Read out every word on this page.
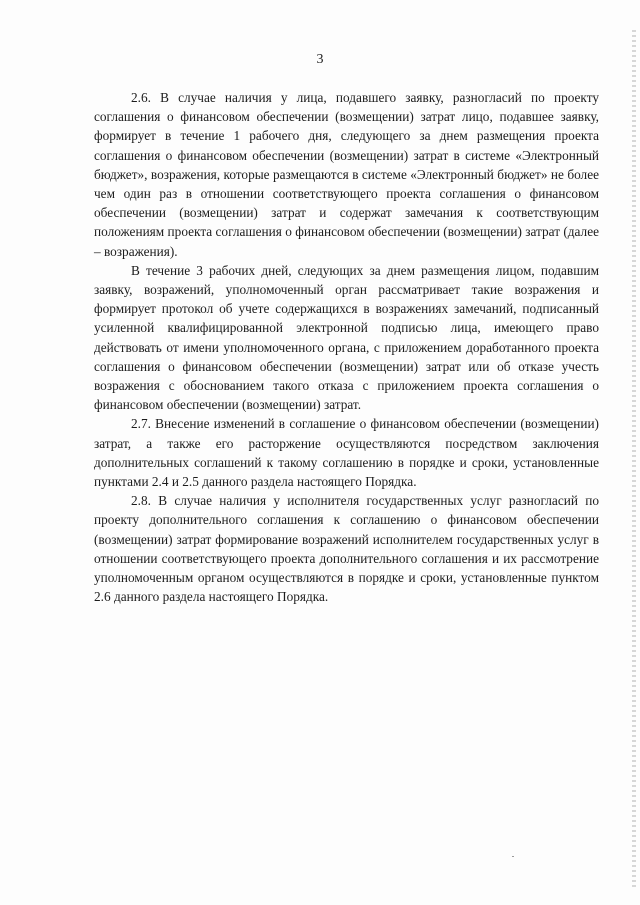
3

2.6. В случае наличия у лица, подавшего заявку, разногласий по проекту соглашения о финансовом обеспечении (возмещении) затрат лицо, подавшее заявку, формирует в течение 1 рабочего дня, следующего за днем размещения проекта соглашения о финансовом обеспечении (возмещении) затрат в системе «Электронный бюджет», возражения, которые размещаются в системе «Электронный бюджет» не более чем один раз в отношении соответствующего проекта соглашения о финансовом обеспечении (возмещении) затрат и содержат замечания к соответствующим положениям проекта соглашения о финансовом обеспечении (возмещении) затрат (далее – возражения).

В течение 3 рабочих дней, следующих за днем размещения лицом, подавшим заявку, возражений, уполномоченный орган рассматривает такие возражения и формирует протокол об учете содержащихся в возражениях замечаний, подписанный усиленной квалифицированной электронной подписью лица, имеющего право действовать от имени уполномоченного органа, с приложением доработанного проекта соглашения о финансовом обеспечении (возмещении) затрат или об отказе учесть возражения с обоснованием такого отказа с приложением проекта соглашения о финансовом обеспечении (возмещении) затрат.

2.7. Внесение изменений в соглашение о финансовом обеспечении (возмещении) затрат, а также его расторжение осуществляются посредством заключения дополнительных соглашений к такому соглашению в порядке и сроки, установленные пунктами 2.4 и 2.5 данного раздела настоящего Порядка.

2.8. В случае наличия у исполнителя государственных услуг разногласий по проекту дополнительного соглашения к соглашению о финансовом обеспечении (возмещении) затрат формирование возражений исполнителем государственных услуг в отношении соответствующего проекта дополнительного соглашения и их рассмотрение уполномоченным органом осуществляются в порядке и сроки, установленные пунктом 2.6 данного раздела настоящего Порядка.
